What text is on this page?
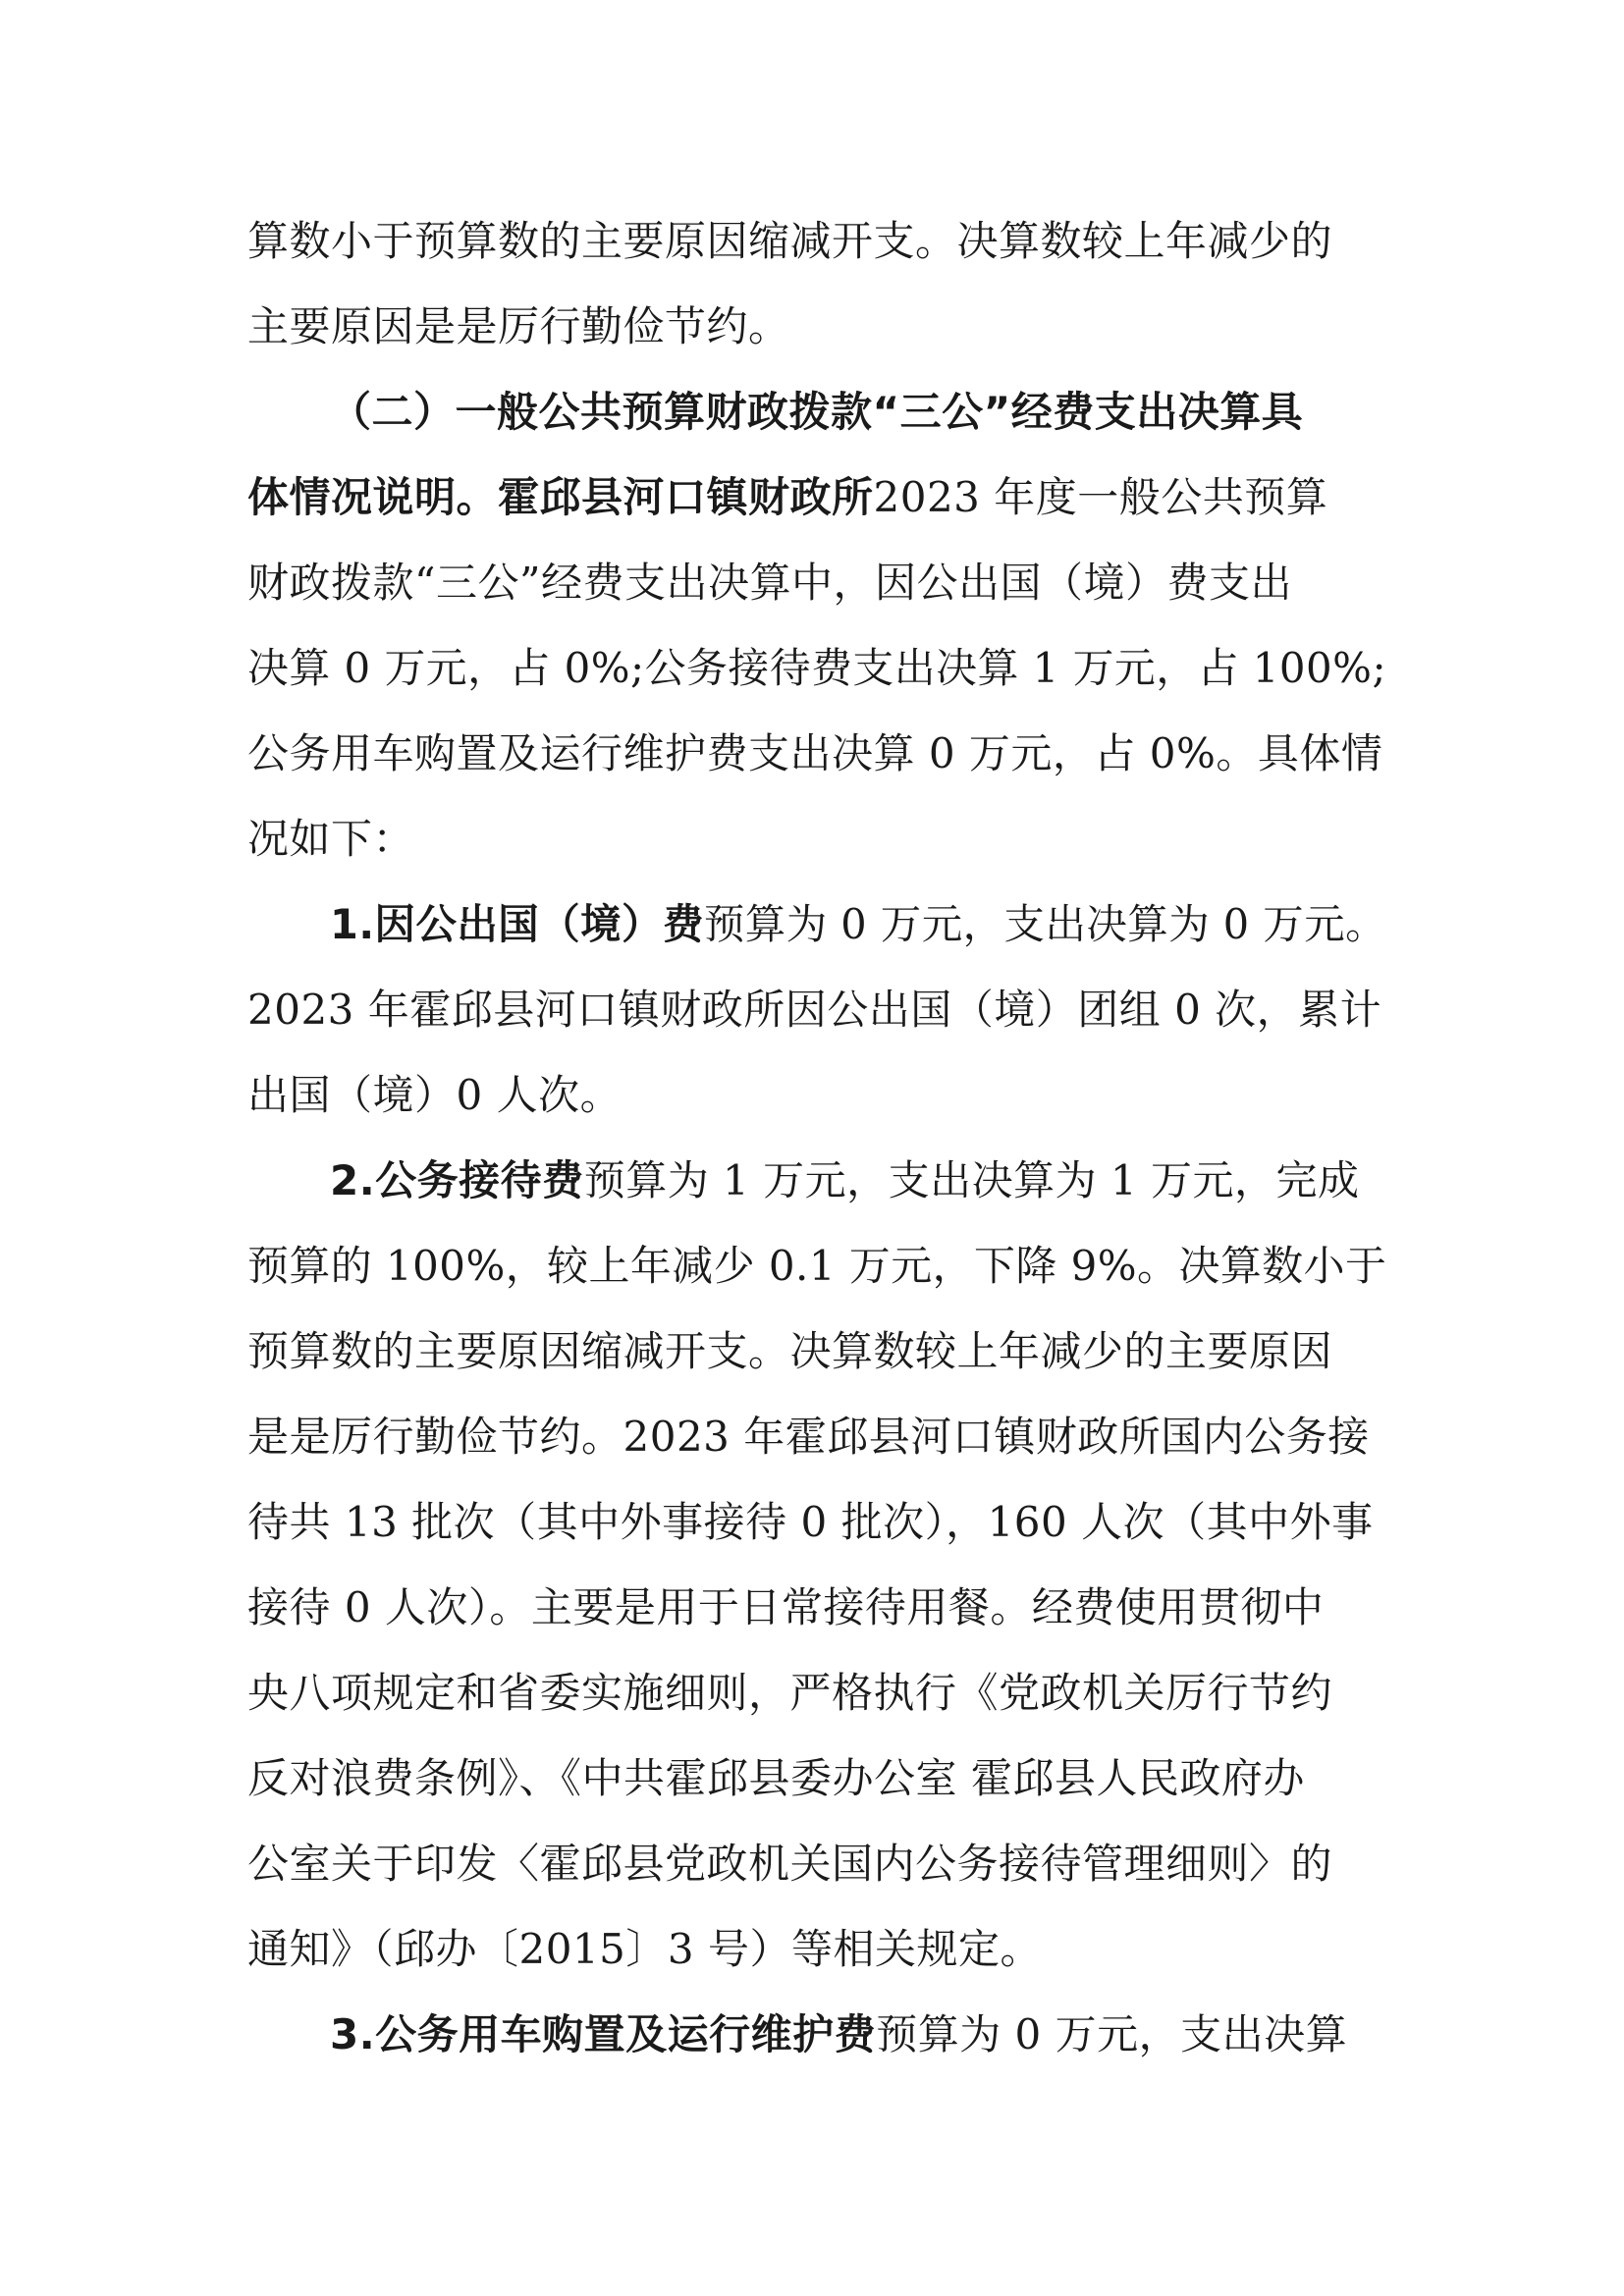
算数小于预算数的主要原因缩减开支。决算数较上年减少的
主要原因是是厉行勤俭节约。
（二）一般公共预算财政拨款“三公”经费支出决算具
体情况说明。霍邱县河口镇财政所2023 年度一般公共预算
财政拨款“三公”经费支出决算中，因公出国（境）费支出
决算 0 万元，占 0%;公务接待费支出决算 1 万元，占 100%;
公务用车购置及运行维护费支出决算 0 万元，占 0%。具体情
况如下：
1.因公出国（境）费预算为 0 万元，支出决算为 0 万元。
2023 年霍邱县河口镇财政所因公出国（境）团组 0 次，累计
出国（境）0 人次。
2.公务接待费预算为 1 万元，支出决算为 1 万元，完成
预算的 100%，较上年减少 0.1 万元，下降 9%。决算数小于
预算数的主要原因缩减开支。决算数较上年减少的主要原因
是是厉行勤俭节约。2023 年霍邱县河口镇财政所国内公务接
待共 13 批次（其中外事接待 0 批次），160 人次（其中外事
接待 0 人次）。主要是用于日常接待用餐。经费使用贯彻中
央八项规定和省委实施细则，严格执行《党政机关厉行节约
反对浪费条例》、《中共霍邱县委办公室 霍邱县人民政府办
公室关于印发〈霍邱县党政机关国内公务接待管理细则〉的
通知》（邱办〔2015〕3 号）等相关规定。
3.公务用车购置及运行维护费预算为 0 万元，支出决算
